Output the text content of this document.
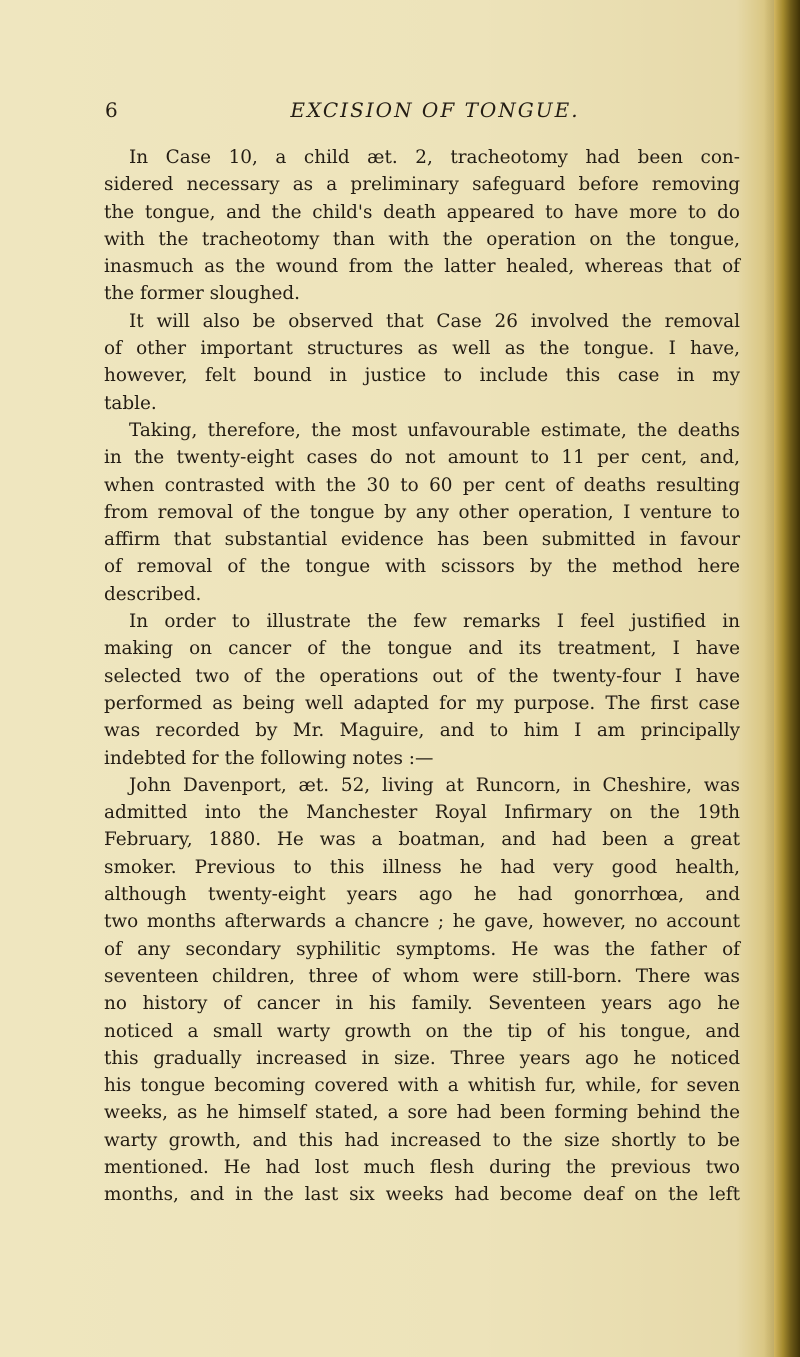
6	EXCISION OF TONGUE.
In Case 10, a child æt. 2, tracheotomy had been con-
sidered necessary as a preliminary safeguard before removing
the tongue, and the child's death appeared to have more to do
with the tracheotomy than with the operation on the tongue,
inasmuch as the wound from the latter healed, whereas that of
the former sloughed.
It will also be observed that Case 26 involved the removal
of other important structures as well as the tongue. I have,
however, felt bound in justice to include this case in my
table.
Taking, therefore, the most unfavourable estimate, the deaths
in the twenty-eight cases do not amount to 11 per cent, and,
when contrasted with the 30 to 60 per cent of deaths resulting
from removal of the tongue by any other operation, I venture to
affirm that substantial evidence has been submitted in favour
of removal of the tongue with scissors by the method here
described.
In order to illustrate the few remarks I feel justified in
making on cancer of the tongue and its treatment, I have
selected two of the operations out of the twenty-four I have
performed as being well adapted for my purpose. The first case
was recorded by Mr. Maguire, and to him I am principally
indebted for the following notes :—
John Davenport, æt. 52, living at Runcorn, in Cheshire, was
admitted into the Manchester Royal Infirmary on the 19th
February, 1880. He was a boatman, and had been a great
smoker. Previous to this illness he had very good health,
although twenty-eight years ago he had gonorrhœa, and
two months afterwards a chancre ; he gave, however, no account
of any secondary syphilitic symptoms. He was the father of
seventeen children, three of whom were still-born. There was
no history of cancer in his family. Seventeen years ago he
noticed a small warty growth on the tip of his tongue, and
this gradually increased in size. Three years ago he noticed
his tongue becoming covered with a whitish fur, while, for seven
weeks, as he himself stated, a sore had been forming behind the
warty growth, and this had increased to the size shortly to be
mentioned. He had lost much flesh during the previous two
months, and in the last six weeks had become deaf on the left
